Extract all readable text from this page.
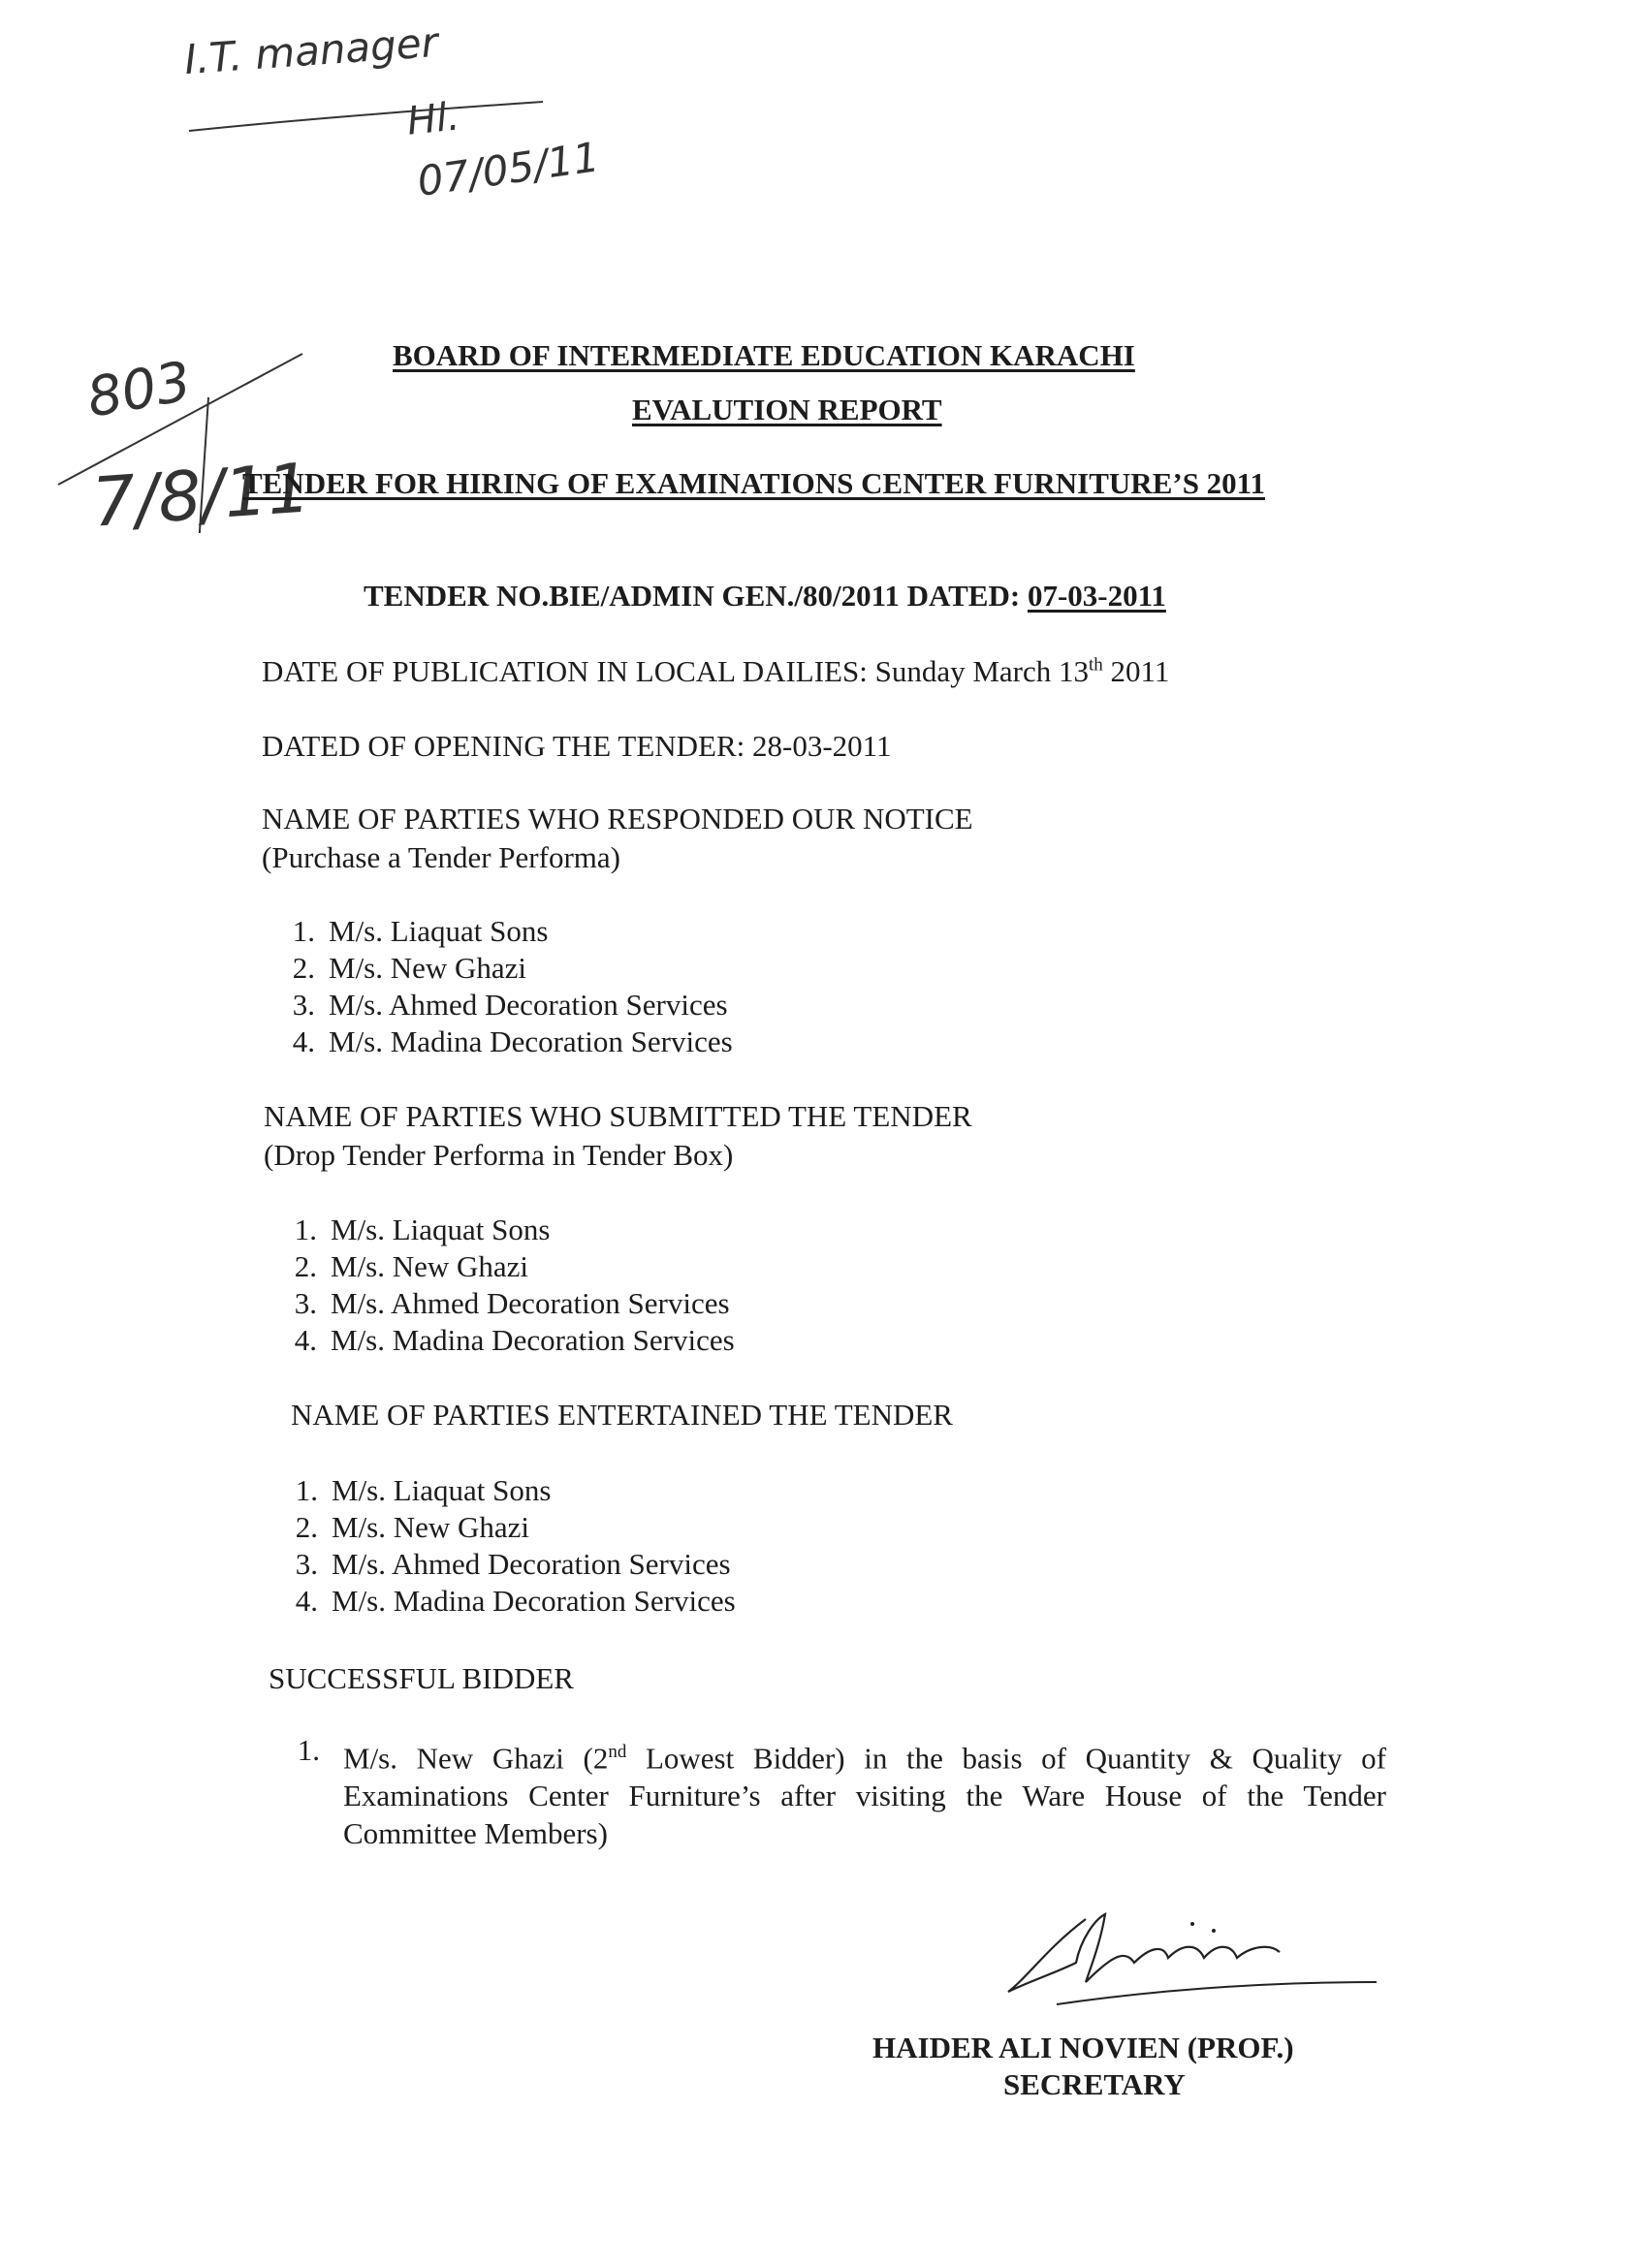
I.T. manager
Hl.
07/05/11
803
7/8/11
BOARD OF INTERMEDIATE EDUCATION KARACHI
EVALUTION REPORT
TENDER FOR HIRING OF EXAMINATIONS CENTER FURNITURE’S 2011
TENDER NO.BIE/ADMIN GEN./80/2011 DATED: 07-03-2011
DATE OF PUBLICATION IN LOCAL DAILIES: Sunday March 13th 2011
DATED OF OPENING THE TENDER: 28-03-2011
NAME OF PARTIES WHO RESPONDED OUR NOTICE
(Purchase a Tender Performa)
1. M/s. Liaquat Sons
2. M/s. New Ghazi
3. M/s. Ahmed Decoration Services
4. M/s. Madina Decoration Services
NAME OF PARTIES WHO SUBMITTED THE TENDER
(Drop Tender Performa in Tender Box)
1. M/s. Liaquat Sons
2. M/s. New Ghazi
3. M/s. Ahmed Decoration Services
4. M/s. Madina Decoration Services
NAME OF PARTIES ENTERTAINED THE TENDER
1. M/s. Liaquat Sons
2. M/s. New Ghazi
3. M/s. Ahmed Decoration Services
4. M/s. Madina Decoration Services
SUCCESSFUL BIDDER
1. M/s. New Ghazi (2nd Lowest Bidder) in the basis of Quantity & Quality of Examinations Center Furniture’s after visiting the Ware House of the Tender Committee Members)
HAIDER ALI NOVIEN (PROF.)
SECRETARY
